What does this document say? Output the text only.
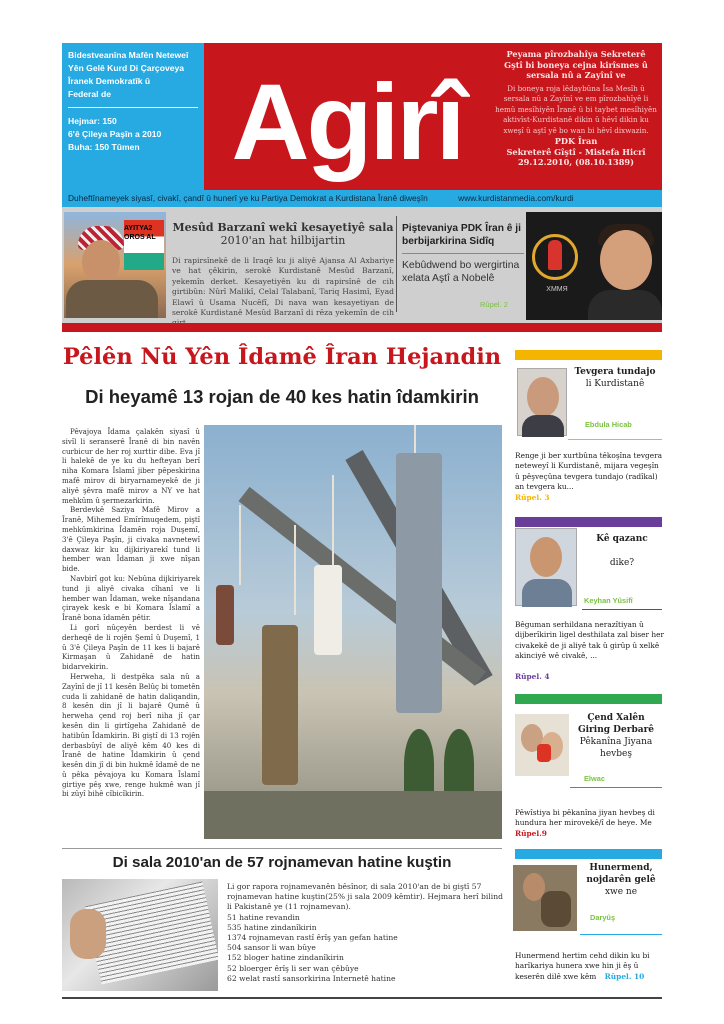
Bidestveanîna Mafên Neteweî
Yên Gelê Kurd Di Çarçoveya
Îranek Demokratîk û
Federal de
Hejmar: 150
6'ê Çileya Paşîn a 2010
Buha: 150 Tûmen Agirî
Peyama pîrozbahîya Sekreterê
Gştî bi boneya cejna kirîsmes û sersala nû a Zayînî ve
Di boneya roja lêdaybûna Îsa Mesîh û sersala nû a Zayînî ve em pîrozbahîyê li hemû mesîhiyên Îranê û bi taybet mesîhiyên aktivîst-Kurdistanê dikin û hêvî dikin ku xweşî û aştî yê bo wan bi hêvî dixwazin.
PDK Îran
Sekreterê Gîştî - Mistefa Hicrî
29.12.2010, (08.10.1389)
Duheftînameyek siyasî, civakî, çandî û hunerî ye ku Partiya Demokrat a Kurdistana Îranê diweşîn	www.kurdistanmedia.com/kurdi
AYITYA2 OROS AL
Mesûd Barzanî wekî kesayetiyê sala
2010'an hat hilbijartin
Di rapirsînekê de li Iraqê ku ji aliyê Ajansa Al Axbariye ve hat çêkirin, serokê Kurdistanê Mesûd Barzanî, yekemîn derket. Kesayetiyên ku di rapirsînê de cih girtibûn: Nûrî Malikî, Celal Talabanî, Tariq Hasimî, Eyad Elawî û Usama Nucêfî, Di nava wan kesayetiyan de serokê Kurdistanê Mesûd Barzanî di rêza yekemîn de cih
Piştevaniya PDK Îran ê ji berbijarkirina Sidîq
Kebûdwend bo wergirtina xelata Aştî a Nobelê
Rûpel. 2
ХММЯ
Pêlên Nû Yên Îdamê Îran Hejandin
Di heyamê 13 rojan de 40 kes hatin îdamkirin

Pêvajoya Îdama çalakên siyasî û sivîl li seranserê Îranê di bin navên curbicur de her roj xurttir dibe. Eva jî li halekê de ye ku du hefteyan berî niha Komara Îslamî jiber pêpeskirina mafê mirov di biryarnameyekê de ji aliyê şêvra mafê mirov a NY ve hat mehkûm û şermezarkirin.

Berdevkê Saziya Mafê Mirov a Îranê, Mihemed Emîrîmuqedem, piştî mehkûmkirina Îdamên roja Duşemî, 3'ê Çileya Paşîn, ji civaka navnetewî daxwaz kir ku dijkiriyarekî tund li hember wan Îdaman ji xwe nîşan bide.

Navbirî got ku: Nebûna dijkiriyarek tund ji aliyê civaka cîhanî ve li hember wan Îdaman, weke nîşandana çirayek kesk e bi Komara Îslamî a Îranê bona îdamên pêtir.

Li gorî nûçeyên berdest li vê derheqê de li rojên Şemî û Duşemî, 1 û 3'ê Çileya Paşîn de 11 kes li bajarê Kirmaşan û Zahidanê de hatin bidarvekirin.

Herweha, li destpêka sala nû a Zayînî de jî 11 kesên Belûç bi tometên cuda li zahidanê de hatin daliqandin, 8 kesên din jî li bajarê Qumê û herweha çend roj berî niha jî çar kesên din li girtîgeha Zahidanê de hatibûn Îdamkirin. Bi giştî di 13 rojên derbasbûyî de aliyê kêm 40 kes di Îranê de hatine Îdamkirin û çend kesên din jî di bin hukmê îdamê de ne û pêka pêvajoya ku Komara Îslamî girtiye pêş xwe, renge hukmê wan jî bi zûyî bihê cîbicîkirin.

Di sala 2010'an de 57 rojnamevan hatine kuştin
Li gor rapora rojnamevanên bêsînor, di sala 2010'an de bi giştî 57 rojnamevan hatine kuştin(25% ji sala 2009 kêmtir). Hejmara herî bilind li Pakistanê ye (11 rojnamevan).
51 hatine revandin
535 hatine zindanîkirin
1374 rojnamevan rastî êrîş yan gefan hatine
504 sansor li wan bûye
152 bloger hatine zindanîkirin
52 bloerger êrîş li ser wan çêbûye
62 welat rastî sansorkirina Internetê hatine
Tevgera tundajo
li Kurdistanê
Ebdula Hicab
Renge ji ber xurtbûna têkoşîna tevgera neteweyî li Kurdistanê, mijara vegeşîn û pêşveçûna tevgera tundajo (radîkal) an tevgera ku...
Rûpel. 3
Kê qazanc

dike?
Keyhan Yûsifî
Bêguman serhildana nerazîtiyan û dijberîkirin ligel desthilata zal biser her civakekê de ji aliyê tak û girûp û xelkê akinciyê wê civakê, ...

Rûpel. 4
Çend Xalên Giring Derbarê
Pêkanîna Jiyana hevbeş
Elwac
Pêwîstiya bi pêkanîna jiyan hevbeş di hundura her mirovekê/î de heye. Me
Rûpel.9
Hunermend, nojdarên gelê
xwe ne
Daryûş
Hunermend hertim cehd dikin ku bi harîkariya hunera xwe hin ji êş û keserên dilê xwe kêm Rûpel. 10
